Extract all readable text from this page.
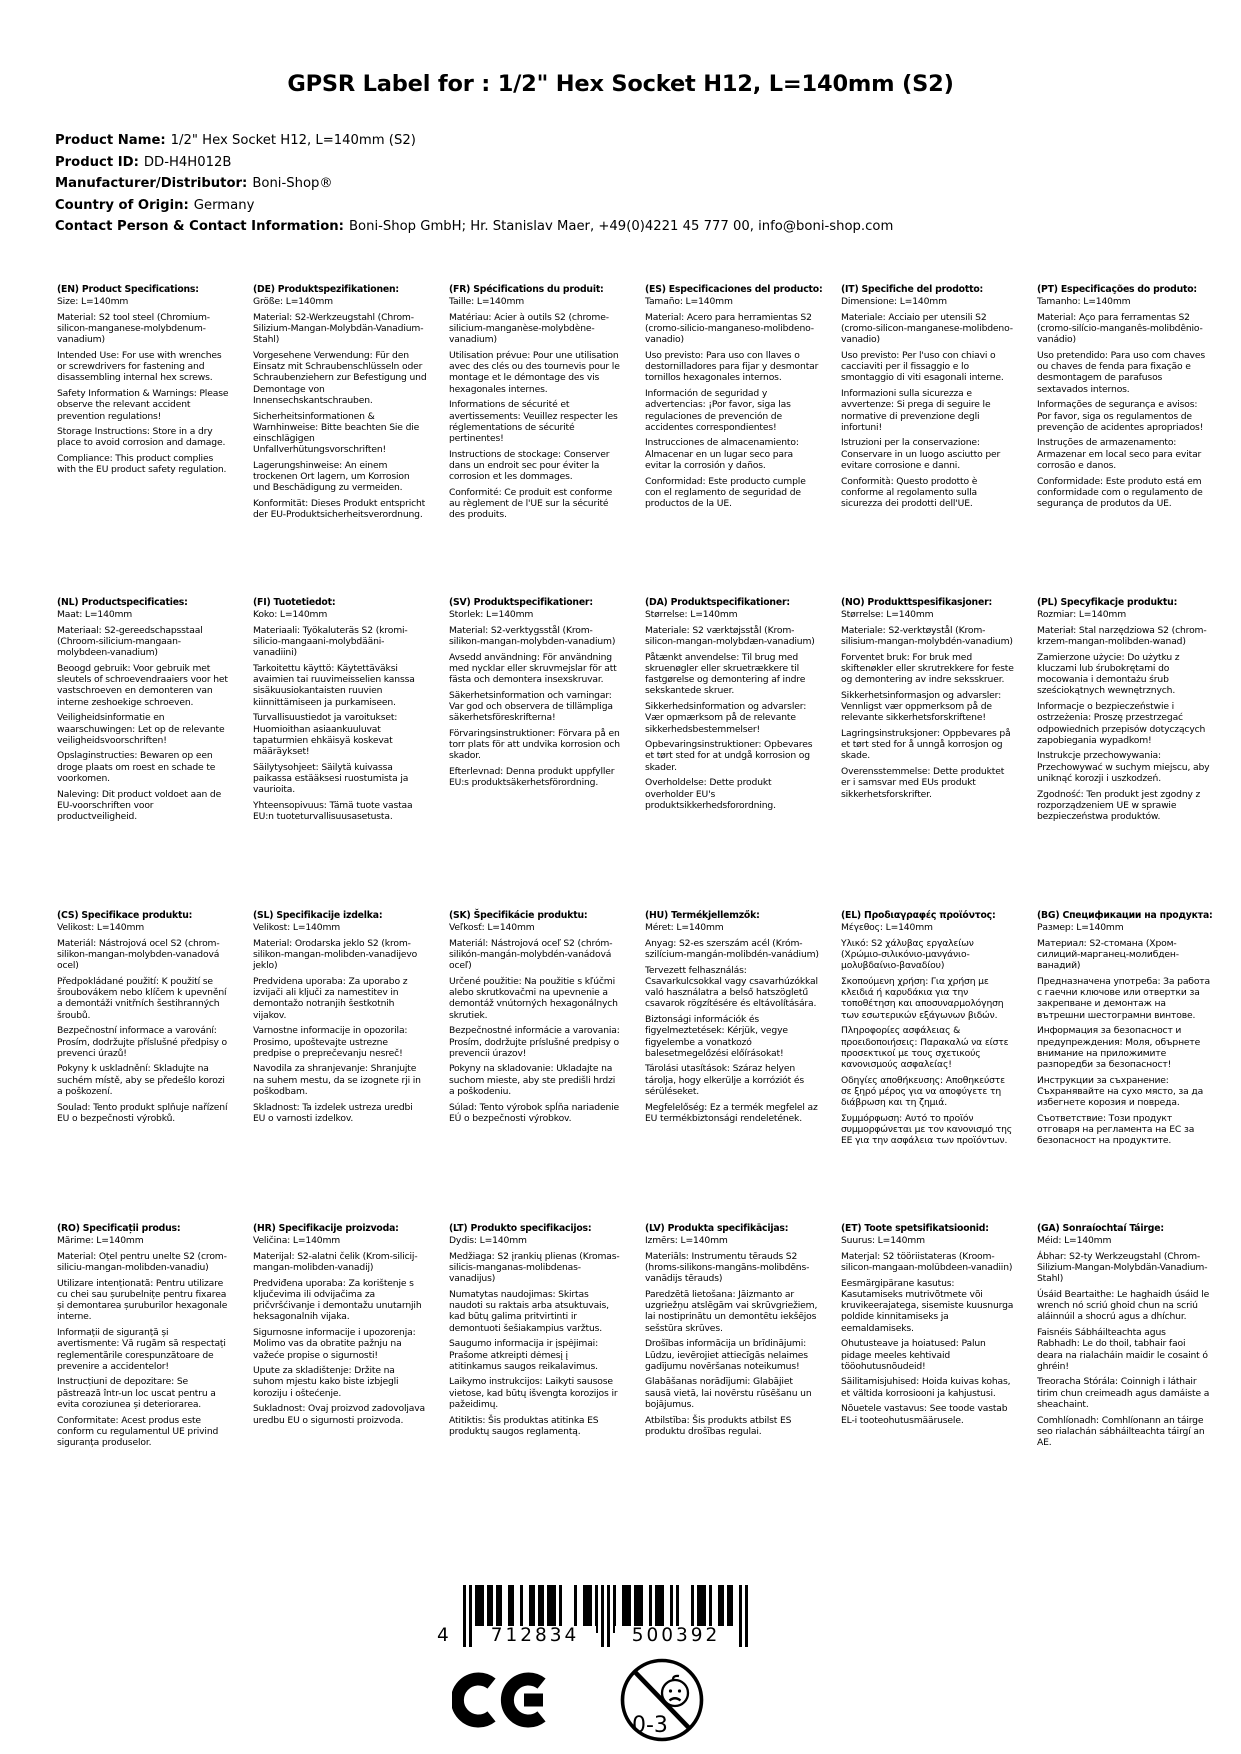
GPSR Label for : 1/2" Hex Socket H12, L=140mm (S2)
Product Name: 1/2" Hex Socket H12, L=140mm (S2)
Product ID: DD-H4H012B
Manufacturer/Distributor: Boni-Shop®
Country of Origin: Germany
Contact Person & Contact Information: Boni-Shop GmbH; Hr. Stanislav Maer, +49(0)4221 45 777 00, info@boni-shop.com
(EN) Product Specifications:

Size: L=140mm

Material: S2 tool steel (Chromium-silicon-manganese-molybdenum-vanadium)

Intended Use: For use with wrenches or screwdrivers for fastening and disassembling internal hex screws.

Safety Information & Warnings: Please observe the relevant accident prevention regulations!

Storage Instructions: Store in a dry place to avoid corrosion and damage.

Compliance: This product complies with the EU product safety regulation.

(DE) Produktspezifikationen:

Größe: L=140mm

Material: S2-Werkzeugstahl (Chrom-Silizium-Mangan-Molybdän-Vanadium-Stahl)

Vorgesehene Verwendung: Für den Einsatz mit Schraubenschlüsseln oder Schraubenziehern zur Befestigung und Demontage von Innensechskantschrauben.

Sicherheitsinformationen & Warnhinweise: Bitte beachten Sie die einschlägigen Unfallverhütungsvorschriften!

Lagerungshinweise: An einem trockenen Ort lagern, um Korrosion und Beschädigung zu vermeiden.

Konformität: Dieses Produkt entspricht der EU-Produktsicherheitsverordnung.

(FR) Spécifications du produit:

Taille: L=140mm

Matériau: Acier à outils S2 (chrome-silicium-manganèse-molybdène-vanadium)

Utilisation prévue: Pour une utilisation avec des clés ou des tournevis pour le montage et le démontage des vis hexagonales internes.

Informations de sécurité et avertissements: Veuillez respecter les réglementations de sécurité pertinentes!

Instructions de stockage: Conserver dans un endroit sec pour éviter la corrosion et les dommages.

Conformité: Ce produit est conforme au règlement de l'UE sur la sécurité des produits.

(ES) Especificaciones del producto:

Tamaño: L=140mm

Material: Acero para herramientas S2 (cromo-silicio-manganeso-molibdeno-vanadio)

Uso previsto: Para uso con llaves o destornilladores para fijar y desmontar tornillos hexagonales internos.

Información de seguridad y advertencias: ¡Por favor, siga las regulaciones de prevención de accidentes correspondientes!

Instrucciones de almacenamiento: Almacenar en un lugar seco para evitar la corrosión y daños.

Conformidad: Este producto cumple con el reglamento de seguridad de productos de la UE.

(IT) Specifiche del prodotto:

Dimensione: L=140mm

Materiale: Acciaio per utensili S2 (cromo-silicon-manganese-molibdeno-vanadio)

Uso previsto: Per l'uso con chiavi o cacciaviti per il fissaggio e lo smontaggio di viti esagonali interne.

Informazioni sulla sicurezza e avvertenze: Si prega di seguire le normative di prevenzione degli infortuni!

Istruzioni per la conservazione: Conservare in un luogo asciutto per evitare corrosione e danni.

Conformità: Questo prodotto è conforme al regolamento sulla sicurezza dei prodotti dell'UE.

(PT) Especificações do produto:

Tamanho: L=140mm

Material: Aço para ferramentas S2 (cromo-silício-manganês-molibdênio-vanádio)

Uso pretendido: Para uso com chaves ou chaves de fenda para fixação e desmontagem de parafusos sextavados internos.

Informações de segurança e avisos: Por favor, siga os regulamentos de prevenção de acidentes apropriados!

Instruções de armazenamento: Armazenar em local seco para evitar corrosão e danos.

Conformidade: Este produto está em conformidade com o regulamento de segurança de produtos da UE.

(NL) Productspecificaties:

Maat: L=140mm

Materiaal: S2-gereedschapsstaal (Chroom-silicium-mangaan-molybdeen-vanadium)

Beoogd gebruik: Voor gebruik met sleutels of schroevendraaiers voor het vastschroeven en demonteren van interne zeshoekige schroeven.

Veiligheidsinformatie en waarschuwingen: Let op de relevante veiligheidsvoorschriften!

Opslaginstructies: Bewaren op een droge plaats om roest en schade te voorkomen.

Naleving: Dit product voldoet aan de EU-voorschriften voor productveiligheid.

(FI) Tuotetiedot:

Koko: L=140mm

Materiaali: Työkaluteräs S2 (kromi-silicio-mangaani-molybdääni-vanadiini)

Tarkoitettu käyttö: Käytettäväksi avaimien tai ruuvimeisselien kanssa sisäkuusiokantaisten ruuvien kiinnittämiseen ja purkamiseen.

Turvallisuustiedot ja varoitukset: Huomioithan asiaankuuluvat tapaturmien ehkäisyä koskevat määräykset!

Säilytysohjeet: Säilytä kuivassa paikassa estääksesi ruostumista ja vaurioita.

Yhteensopivuus: Tämä tuote vastaa EU:n tuoteturvallisuusasetusta.

(SV) Produktspecifikationer:

Storlek: L=140mm

Material: S2-verktygsstål (Krom-silikon-mangan-molybden-vanadium)

Avsedd användning: För användning med nycklar eller skruvmejslar för att fästa och demontera insexskruvar.

Säkerhetsinformation och varningar: Var god och observera de tillämpliga säkerhetsföreskrifterna!

Förvaringsinstruktioner: Förvara på en torr plats för att undvika korrosion och skador.

Efterlevnad: Denna produkt uppfyller EU:s produktsäkerhetsförordning.

(DA) Produktspecifikationer:

Størrelse: L=140mm

Materiale: S2 værktøjsstål (Krom-silicon-mangan-molybdæn-vanadium)

Påtænkt anvendelse: Til brug med skruenøgler eller skruetrækkere til fastgørelse og demontering af indre sekskantede skruer.

Sikkerhedsinformation og advarsler: Vær opmærksom på de relevante sikkerhedsbestemmelser!

Opbevaringsinstruktioner: Opbevares et tørt sted for at undgå korrosion og skader.

Overholdelse: Dette produkt overholder EU's produktsikkerhedsforordning.

(NO) Produkttspesifikasjoner:

Størrelse: L=140mm

Materiale: S2-verktøystål (Krom-silisium-mangan-molybdén-vanadium)

Forventet bruk: For bruk med skiftenøkler eller skrutrekkere for feste og demontering av indre seksskruer.

Sikkerhetsinformasjon og advarsler: Vennligst vær oppmerksom på de relevante sikkerhetsforskriftene!

Lagringsinstruksjoner: Oppbevares på et tørt sted for å unngå korrosjon og skade.

Overensstemmelse: Dette produktet er i samsvar med EUs produkt sikkerhetsforskrifter.

(PL) Specyfikacje produktu:

Rozmiar: L=140mm

Materiał: Stal narzędziowa S2 (chrom-krzem-mangan-molibden-wanad)

Zamierzone użycie: Do użytku z kluczami lub śrubokrętami do mocowania i demontażu śrub sześciokątnych wewnętrznych.

Informacje o bezpieczeństwie i ostrzeżenia: Proszę przestrzegać odpowiednich przepisów dotyczących zapobiegania wypadkom!

Instrukcje przechowywania: Przechowywać w suchym miejscu, aby uniknąć korozji i uszkodzeń.

Zgodność: Ten produkt jest zgodny z rozporządzeniem UE w sprawie bezpieczeństwa produktów.

(CS) Specifikace produktu:

Velikost: L=140mm

Materiál: Nástrojová ocel S2 (chrom-silikon-mangan-molybden-vanadová ocel)

Předpokládané použití: K použití se šroubovákem nebo klíčem k upevnění a demontáži vnitřních šestihranných šroubů.

Bezpečnostní informace a varování: Prosím, dodržujte příslušné předpisy o prevenci úrazů!

Pokyny k uskladnění: Skladujte na suchém místě, aby se předešlo korozi a poškození.

Soulad: Tento produkt splňuje nařízení EU o bezpečnosti výrobků.

(SL) Specifikacije izdelka:

Velikost: L=140mm

Material: Orodarska jeklo S2 (krom-silikon-mangan-molibden-vanadijevo jeklo)

Predvidena uporaba: Za uporabo z izvijači ali ključi za namestitev in demontažo notranjih šestkotnih vijakov.

Varnostne informacije in opozorila: Prosimo, upoštevajte ustrezne predpise o preprečevanju nesreč!

Navodila za shranjevanje: Shranjujte na suhem mestu, da se izognete rji in poškodbam.

Skladnost: Ta izdelek ustreza uredbi EU o varnosti izdelkov.

(SK) Špecifikácie produktu:

Veľkosť: L=140mm

Materiál: Nástrojová oceľ S2 (chróm-silikón-mangán-molybdén-vanádová oceľ)

Určené použitie: Na použitie s kľúčmi alebo skrutkovačmi na upevnenie a demontáž vnútorných hexagonálnych skrutiek.

Bezpečnostné informácie a varovania: Prosím, dodržujte príslušné predpisy o prevencii úrazov!

Pokyny na skladovanie: Ukladajte na suchom mieste, aby ste predišli hrdzi a poškodeniu.

Súlad: Tento výrobok spĺňa nariadenie EÚ o bezpečnosti výrobkov.

(HU) Termékjellemzők:

Méret: L=140mm

Anyag: S2-es szerszám acél (Króm-szilícium-mangán-molibdén-vanádium)

Tervezett felhasználás: Csavarkulcsokkal vagy csavarhúzókkal való használatra a belső hatszögletű csavarok rögzítésére és eltávolítására.

Biztonsági információk és figyelmeztetések: Kérjük, vegye figyelembe a vonatkozó balesetmegelőzési előírásokat!

Tárolási utasítások: Száraz helyen tárolja, hogy elkerülje a korróziót és sérüléseket.

Megfelelőség: Ez a termék megfelel az EU termékbiztonsági rendeletének.

(EL) Προδιαγραφές προϊόντος:

Μέγεθος: L=140mm

Υλικό: S2 χάλυβας εργαλείων (Χρώμιο-σιλικόνιο-μανγάνιο-μολυβδαίνιο-βαναδίου)

Σκοπούμενη χρήση: Για χρήση με κλειδιά ή καρυδάκια για την τοποθέτηση και αποσυναρμολόγηση των εσωτερικών εξάγωνων βιδών.

Πληροφορίες ασφάλειας & προειδοποιήσεις: Παρακαλώ να είστε προσεκτικοί με τους σχετικούς κανονισμούς ασφαλείας!

Οδηγίες αποθήκευσης: Αποθηκεύστε σε ξηρό μέρος για να αποφύγετε τη διάβρωση και τη ζημιά.

Συμμόρφωση: Αυτό το προϊόν συμμορφώνεται με τον κανονισμό της ΕΕ για την ασφάλεια των προϊόντων.

(BG) Спецификации на продукта:

Размер: L=140mm

Материал: S2-стомана (Хром-силиций-марганец-молибден-ванадий)

Предназначена употреба: За работа с гаечни ключове или отвертки за закрепване и демонтаж на вътрешни шестограмни винтове.

Информация за безопасност и предупреждения: Моля, обърнете внимание на приложимите разпоредби за безопасност!

Инструкции за съхранение: Съхранявайте на сухо място, за да избегнете корозия и повреда.

Съответствие: Този продукт отговаря на регламента на ЕС за безопасност на продуктите.

(RO) Specificații produs:

Mărime: L=140mm

Material: Oțel pentru unelte S2 (crom-siliciu-mangan-molibden-vanadiu)

Utilizare intenționată: Pentru utilizare cu chei sau șurubelnițe pentru fixarea și demontarea șuruburilor hexagonale interne.

Informații de siguranță și avertismente: Vă rugăm să respectați reglementările corespunzătoare de prevenire a accidentelor!

Instrucțiuni de depozitare: Se păstrează într-un loc uscat pentru a evita coroziunea și deteriorarea.

Conformitate: Acest produs este conform cu regulamentul UE privind siguranța produselor.

(HR) Specifikacije proizvoda:

Veličina: L=140mm

Materijal: S2-alatni čelik (Krom-silicij-mangan-molibden-vanadij)

Predviđena uporaba: Za korištenje s ključevima ili odvijačima za pričvršćivanje i demontažu unutarnjih heksagonalnih vijaka.

Sigurnosne informacije i upozorenja: Molimo vas da obratite pažnju na važeće propise o sigurnosti!

Upute za skladištenje: Držite na suhom mjestu kako biste izbjegli koroziju i oštećenje.

Sukladnost: Ovaj proizvod zadovoljava uredbu EU o sigurnosti proizvoda.

(LT) Produkto specifikacijos:

Dydis: L=140mm

Medžiaga: S2 įrankių plienas (Kromas-silicis-manganas-molibdenas-vanadijus)

Numatytas naudojimas: Skirtas naudoti su raktais arba atsuktuvais, kad būtų galima pritvirtinti ir demontuoti šešiakampius varžtus.

Saugumo informacija ir įspėjimai: Prašome atkreipti dėmesį į atitinkamus saugos reikalavimus.

Laikymo instrukcijos: Laikyti sausose vietose, kad būtų išvengta korozijos ir pažeidimų.

Atitiktis: Šis produktas atitinka ES produktų saugos reglamentą.

(LV) Produkta specifikācijas:

Izmērs: L=140mm

Materiāls: Instrumentu tērauds S2 (hroms-silikons-mangāns-molibdēns-vanādijs tērauds)

Paredzētā lietošana: Jāizmanto ar uzgriežņu atslēgām vai skrūvgriežiem, lai nostiprinātu un demontētu iekšējos sešstūra skrūves.

Drošības informācija un brīdinājumi: Lūdzu, ievērojiet attiecīgās nelaimes gadījumu novēršanas noteikumus!

Glabāšanas norādījumi: Glabājiet sausā vietā, lai novērstu rūsēšanu un bojājumus.

Atbilstība: Šis produkts atbilst ES produktu drošības regulai.

(ET) Toote spetsifikatsioonid:

Suurus: L=140mm

Materjal: S2 tööriistateras (Kroom-silicon-mangaan-molübdeen-vanadiin)

Eesmärgipärane kasutus: Kasutamiseks mutrivõtmete või kruvikeerajatega, sisemiste kuusnurga poldide kinnitamiseks ja eemaldamiseks.

Ohutusteave ja hoiatused: Palun pidage meeles kehtivaid tööohutusnõudeid!

Säilitamisjuhised: Hoida kuivas kohas, et vältida korrosiooni ja kahjustusi.

Nõuetele vastavus: See toode vastab EL-i tooteohutusmäärusele.

(GA) Sonraíochtaí Táirge:

Méid: L=140mm

Ábhar: S2-ty Werkzeugstahl (Chrom-Silizium-Mangan-Molybdän-Vanadium-Stahl)

Úsáid Beartaithe: Le haghaidh úsáid le wrench nó scriú ghoid chun na scriú aláinnúil a shocrú agus a dhíchur.

Faisnéis Sábháilteachta agus Rabhadh: Le do thoil, tabhair faoi deara na rialacháin maidir le cosaint ó ghréin!

Treoracha Stórála: Coinnigh i láthair tirim chun creimeadh agus damáiste a sheachaint.

Comhlíonadh: Comhlíonann an táirge seo rialachán sábháilteachta táirgí an AE.

4	712834	500392
0-3
